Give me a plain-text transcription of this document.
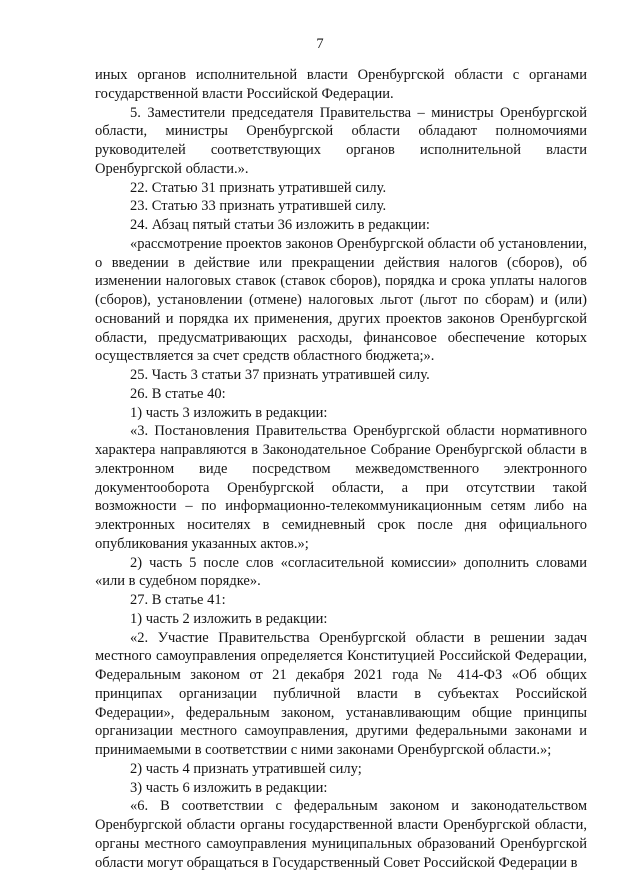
7

иных органов исполнительной власти Оренбургской области с органами государственной власти Российской Федерации.

5. Заместители председателя Правительства – министры Оренбургской области, министры Оренбургской области обладают полномочиями руководителей соответствующих органов исполнительной власти Оренбургской области.».

22. Статью 31 признать утратившей силу.

23. Статью 33 признать утратившей силу.

24. Абзац пятый статьи 36 изложить в редакции:

«рассмотрение проектов законов Оренбургской области об установлении, о введении в действие или прекращении действия налогов (сборов), об изменении налоговых ставок (ставок сборов), порядка и срока уплаты налогов (сборов), установлении (отмене) налоговых льгот (льгот по сборам) и (или) оснований и порядка их применения, других проектов законов Оренбургской области, предусматривающих расходы, финансовое обеспечение которых осуществляется за счет средств областного бюджета;».

25. Часть 3 статьи 37 признать утратившей силу.

26. В статье 40:

1) часть 3 изложить в редакции:

«3. Постановления Правительства Оренбургской области нормативного характера направляются в Законодательное Собрание Оренбургской области в электронном виде посредством межведомственного электронного документооборота Оренбургской области, а при отсутствии такой возможности – по информационно-телекоммуникационным сетям либо на электронных носителях в семидневный срок после дня официального опубликования указанных актов.»;

2) часть 5 после слов «согласительной комиссии» дополнить словами «или в судебном порядке».

27. В статье 41:

1) часть 2 изложить в редакции:

«2. Участие Правительства Оренбургской области в решении задач местного самоуправления определяется Конституцией Российской Федерации, Федеральным законом от 21 декабря 2021 года № 414-ФЗ «Об общих принципах организации публичной власти в субъектах Российской Федерации», федеральным законом, устанавливающим общие принципы организации местного самоуправления, другими федеральными законами и принимаемыми в соответствии с ними законами Оренбургской области.»;

2) часть 4 признать утратившей силу;

3) часть 6 изложить в редакции:

«6. В соответствии с федеральным законом и законодательством Оренбургской области органы государственной власти Оренбургской области, органы местного самоуправления муниципальных образований Оренбургской области могут обращаться в Государственный Совет Российской Федерации в
